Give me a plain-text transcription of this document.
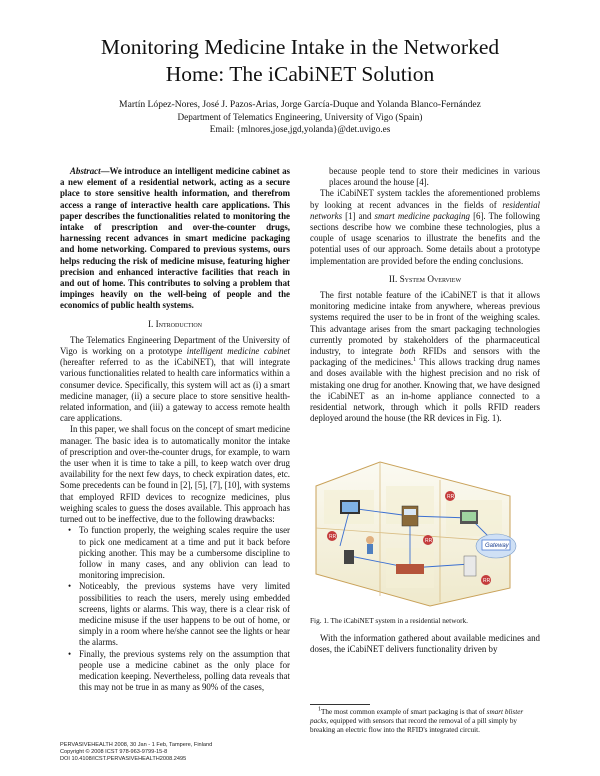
Monitoring Medicine Intake in the Networked
Home: The iCabiNET Solution
Martín López-Nores, José J. Pazos-Arias, Jorge García-Duque and Yolanda Blanco-Fernández
Department of Telematics Engineering, University of Vigo (Spain)
Email: {mlnores,jose,jgd,yolanda}@det.uvigo.es

Abstract—We introduce an intelligent medicine cabinet as a new element of a residential network, acting as a secure place to store sensitive health information, and therefrom access a range of interactive health care applications. This paper describes the functionalities related to monitoring the intake of prescription and over-the-counter drugs, harnessing recent advances in smart medicine packaging and home networking. Compared to previous systems, ours helps reducing the risk of medicine misuse, featuring higher precision and enhanced interactive facilities that reach in and out of home. This contributes to solving a problem that impinges heavily on the well-being of people and the economics of public health systems.

I. Introduction

The Telematics Engineering Department of the University of Vigo is working on a prototype intelligent medicine cabinet (hereafter referred to as the iCabiNET), that will integrate various functionalities related to health care informatics within a consumer device. Specifically, this system will act as (i) a smart medicine manager, (ii) a secure place to store sensitive health-related information, and (iii) a gateway to access remote health care applications.

In this paper, we shall focus on the concept of smart medicine manager. The basic idea is to automatically monitor the intake of prescription and over-the-counter drugs, for example, to warn the user when it is time to take a pill, to keep watch over drug availability for the next few days, to check expiration dates, etc. Some precedents can be found in [2], [5], [7], [10], with systems that employed RFID devices to recognize medicines, plus weighing scales to guess the doses available. This approach has turned out to be ineffective, due to the following drawbacks:

• To function properly, the weighing scales require the user to pick one medicament at a time and put it back before picking another. This may be a cumbersome discipline to follow in many cases, and any oblivion can lead to monitoring imprecision.
• Noticeably, the previous systems have very limited possibilities to reach the users, merely using embedded screens, lights or alarms. This way, there is a clear risk of medicine misuse if the user happens to be out of home, or simply in a room where he/she cannot see the lights or hear the alarms.
• Finally, the previous systems rely on the assumption that people use a medicine cabinet as the only place for medication keeping. Nevertheless, polling data reveals that this may not be true in as many as 90% of the cases,

because people tend to store their medicines in various places around the house [4].

The iCabiNET system tackles the aforementioned problems by looking at recent advances in the fields of residential networks [1] and smart medicine packaging [6]. The following sections describe how we combine these technologies, plus a couple of usage scenarios to illustrate the benefits and the potential uses of our approach. Some details about a prototype implementation are provided before the ending conclusions.

II. System Overview

The first notable feature of the iCabiNET is that it allows monitoring medicine intake from anywhere, whereas previous systems required the user to be in front of the weighing scales. This advantage arises from the smart packaging technologies currently promoted by stakeholders of the pharmaceutical industry, to integrate both RFIDs and sensors with the packaging of the medicines.$^1$ This allows tracking drug names and doses available with the highest precision and no risk of mistaking one drug for another. Knowing that, we have designed the iCabiNET as an in-home appliance connected to a residential network, through which it polls RFID readers deployed around the house (the RR devices in Fig. 1).

RR
RR
RR
RR
Gateway
Fig. 1. The iCabiNET system in a residential network.

With the information gathered about available medicines and doses, the iCabiNET delivers functionality driven by

$^1$The most common example of smart packaging is that of smart blister packs, equipped with sensors that record the removal of a pill simply by breaking an electric flow into the RFID's integrated circuit.
PERVASIVEHEALTH 2008, 30 Jan - 1 Feb, Tampere, Finland
Copyright © 2008 ICST 978-963-9799-15-8
DOI 10.4108/ICST.PERVASIVEHEALTH2008.2495
